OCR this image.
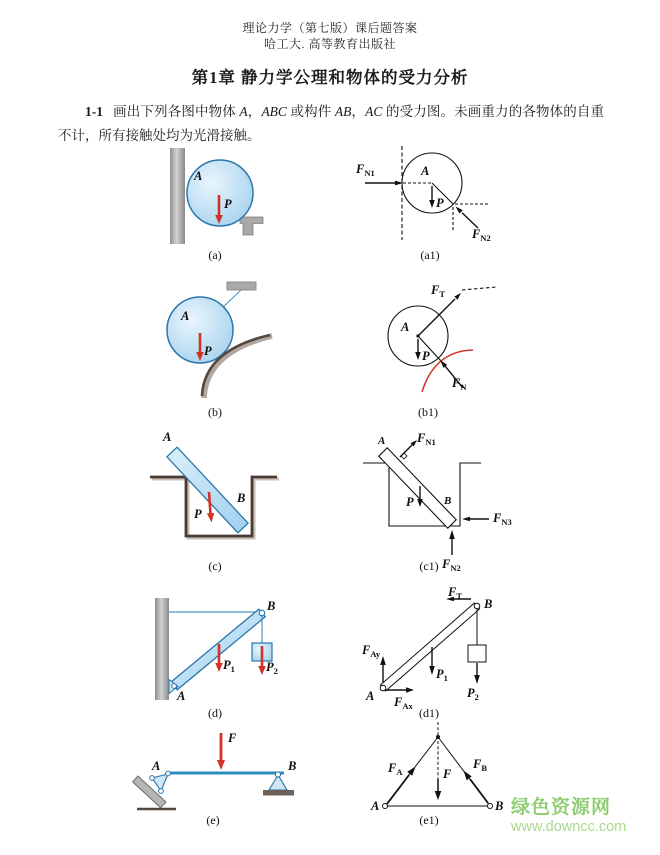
理论力学（第七版）课后题答案
哈工大. 高等教育出版社
第1章 静力学公理和物体的受力分析
1-1 画出下列各图中物体 A，ABC 或构件 AB，AC 的受力图。未画重力的各物体的自重不计，所有接触处均为光滑接触。
A
P
(a)
$F_{N1}$	A
P
$F_{N2}$
(a1)
A
P
(b)
$F_T$
A
P
$F_N$
(b1)
A
B
P
(c)
A	$F_{N1}$
P	B
$F_{N3}$
$F_{N2}$
(c1)
B
A
$P_1$ $P_2$
(d)
$F_T$
B
$F_{Ay}$
$P_1$
$P_2$
A $F_{Ax}$ (d1)
F
A	B
(e)
$F_A$	F
$F_B$
A	B
(e1)
绿色资源网
www.downcc.com
